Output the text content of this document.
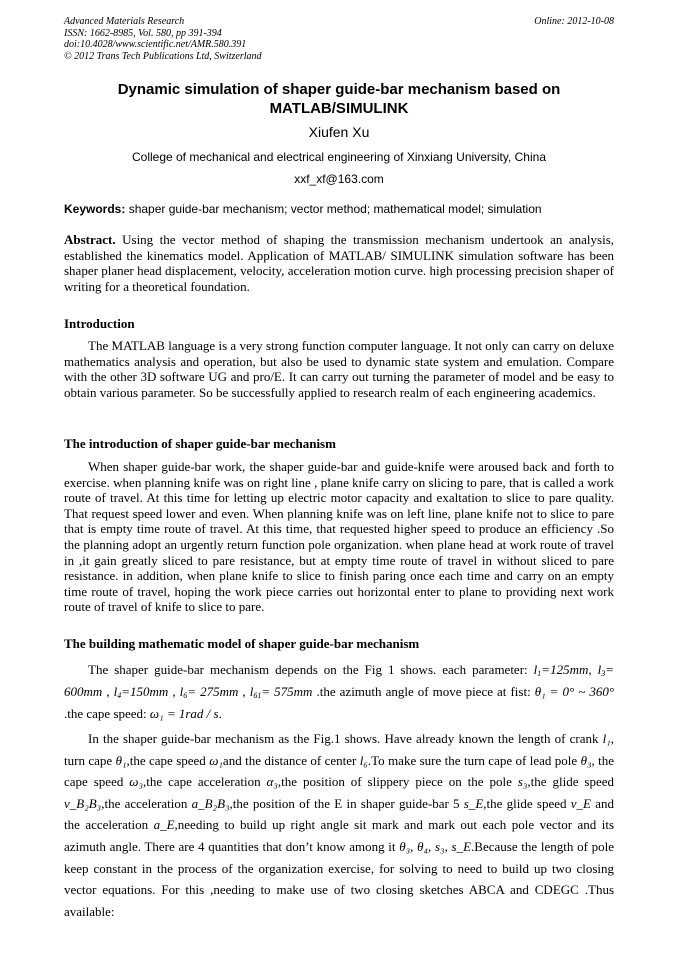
Advanced Materials Research
ISSN: 1662-8985, Vol. 580, pp 391-394
doi:10.4028/www.scientific.net/AMR.580.391
© 2012 Trans Tech Publications Ltd, Switzerland
Online: 2012-10-08
Dynamic simulation of shaper guide-bar mechanism based on
MATLAB/SIMULINK
Xiufen Xu
College of mechanical and electrical engineering of Xinxiang University, China
xxf_xf@163.com
Keywords: shaper guide-bar mechanism; vector method; mathematical model; simulation
Abstract. Using the vector method of shaping the transmission mechanism undertook an analysis, established the kinematics model. Application of MATLAB/ SIMULINK simulation software has been shaper planer head displacement, velocity, acceleration motion curve. high processing precision shaper of writing for a theoretical foundation.
Introduction
The MATLAB language is a very strong function computer language. It not only can carry on deluxe mathematics analysis and operation, but also be used to dynamic state system and emulation. Compare with the other 3D software UG and pro/E. It can carry out turning the parameter of model and be easy to obtain various parameter. So be successfully applied to research realm of each engineering academics.
The introduction of shaper guide-bar mechanism
When shaper guide-bar work, the shaper guide-bar and guide-knife were aroused back and forth to exercise. when planning knife was on right line , plane knife carry on slicing to pare, that is called a work route of travel. At this time for letting up electric motor capacity and exaltation to slice to pare quality. That request speed lower and even. When planning knife was on left line, plane knife not to slice to pare that is empty time route of travel. At this time, that requested higher speed to produce an efficiency .So the planning adopt an urgently return function pole organization. when plane head at work route of travel in ,it gain greatly sliced to pare resistance, but at empty time route of travel in without sliced to pare resistance. in addition, when plane knife to slice to finish paring once each time and carry on an empty time route of travel, hoping the work piece carries out horizontal enter to plane to providing next work route of travel of knife to slice to pare.
The building mathematic model of shaper guide-bar mechanism
The shaper guide-bar mechanism depends on the Fig 1 shows. each parameter: $l_1=125mm$, $l_3= 600mm$ , $l_4=150mm$ , $l_6= 275mm$ , $l_{61}= 575mm$ .the azimuth angle of move piece at fist: θ₁ = 0° ~ 360° .the cape speed: ω₁ = 1rad / s.
In the shaper guide-bar mechanism as the Fig.1 shows. Have already known the length of crank l₁, turn cape θ₁,the cape speed ω₁and the distance of center l₆.To make sure the turn cape of lead pole θ₃, the cape speed ω₃,the cape acceleration α₃,the position of slippery piece on the pole s₃,the glide speed v_B₂B₃,the acceleration a_B₂B₃,the position of the E in shaper guide-bar 5 s_E,the glide speed v_E and the acceleration a_E,needing to build up right angle sit mark and mark out each pole vector and its azimuth angle. There are 4 quantities that don’t know among it θ₃, θ₄, s₃, s_E.Because the length of pole keep constant in the process of the organization exercise, for solving to need to build up two closing vector equations. For this ,needing to make use of two closing sketches ABCA and CDEGC .Thus available:
